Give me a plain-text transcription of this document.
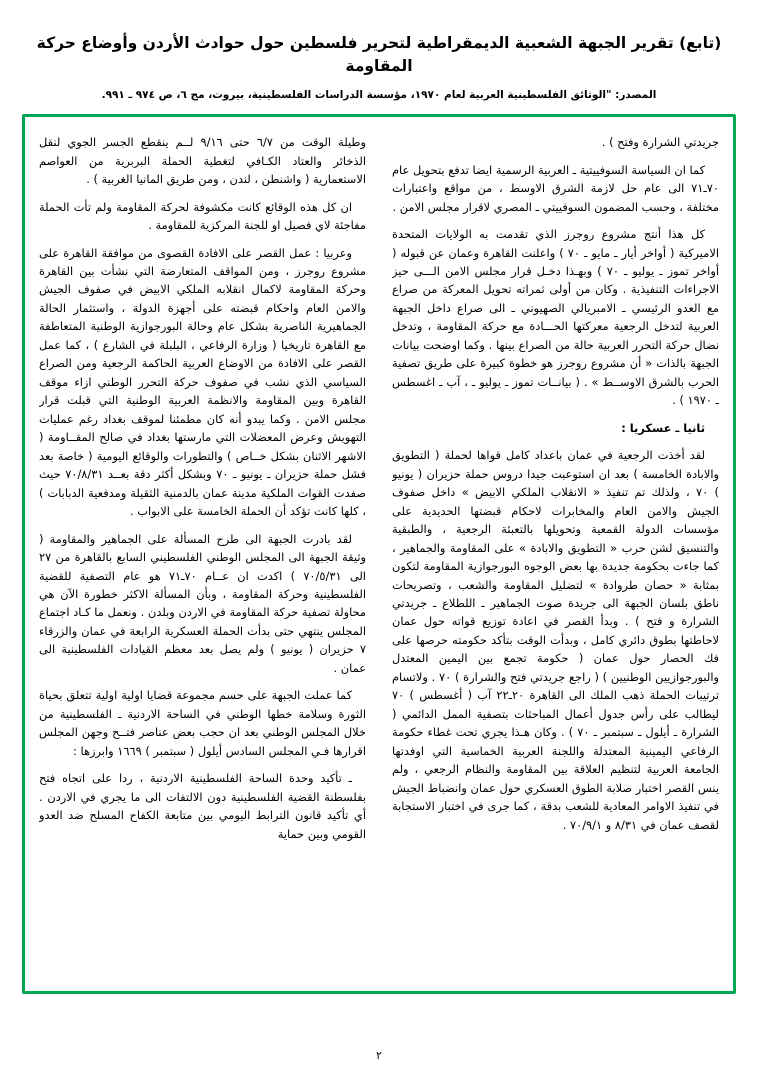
(تابع) تقرير الجبهة الشعبية الديمقراطية لتحرير فلسطين حول حوادث الأردن وأوضاع حركة المقاومة
المصدر: "الوثائق الفلسطينية العربية لعام ١٩٧٠، مؤسسة الدراسات الفلسطينية، بيروت، مج ٦، ص ٩٧٤ ـ ٩٩١.

جريدتي الشرارة وفتح ) .

كما ان السياسة السوفييتية ـ العربية الرسمية ايضا تدفع بتحويل عام ٧٠ـ٧١ الى عام حل لازمة الشرق الاوسط ، من مواقع واعتبارات مختلفة ، وحسب المضمون السوفييتي ـ المصري لاقرار مجلس الامن .

كل هذا أنتج مشروع روجرز الذي تقدمت به الولايات المتحدة الاميركية ( أواخر أيار ـ مايو ـ ٧٠ ) واعلنت القاهرة وعمان عن قبوله ( أواخر تموز ـ يوليو ـ ٧٠ ) وبهـذا دخـل قرار مجلس الامن الـــى حيز الاجراءات التنفيذية . وكان من أولى ثمراته تحويل المعركة من صراع مع العدو الرئيسي ـ الامبريالي الصهيوني ـ الى صراع داخل الجبهة العربية لتدخل الرجعية معركتها الحـــادة مع حركة المقاومة ، وتدخل نضال حركة التحرر العربية حالة من الصراع بينها . وكما اوضحت بيانات الجبهة بالذات « أن مشروع روجرز هو خطوة كبيرة على طريق تصفية الحرب بالشرق الاوســط » . ( بيانــات تموز ـ يوليو ـ ، آب ـ اغسطس ـ ١٩٧٠ ) .

ثانيا ـ عسكريا :

لقد أخذت الرجعية في عمان باعداد كامل قواها لحملة ( التطويق والابادة الخامسة ) بعد ان استوعبت جيدا دروس حملة حزيران ( يونيو ) ٧٠ ، ولذلك تم تنفيذ « الانقلاب الملكي الابيض » داخل صفوف الجيش والامن العام والمخابرات لاحكام قبضتها الحديدية على مؤسسات الدولة القمعية وتحويلها بالتعبئة الرجعية ، والطبقية والتنسيق لشن حرب « التطويق والابادة » على المقاومة والجماهير ، كما جاءت بحكومة جديدة بها بعض الوجوه البورجوازية المقاومة لتكون بمثابة « حصان طروادة » لتضليل المقاومة والشعب ، وتصريحات ناطق بلسان الجبهة الى جريدة صوت الجماهير ـ اللطلاع ـ جريدتي الشرارة و فتح ) . وبدأ القصر في اعادة توزيع قواته حول عمان لاحاطتها بطوق دائري كامل ، وبدأت الوقت بتأكد حكومته حرصها على فك الحصار حول عمان ( حكومة تجمع بين اليمين المعتدل والبورجوازيين الوطنيين ) ( راجع جريدتي فتح والشرارة ) ٧٠ . ولاتسام ترتيبات الحملة ذهب الملك الى القاهرة ٢٠ـ٢٢ آب ( أغسطس ) ٧٠ ليطالب على رأس جدول أعمال المباحثات بتصفية الممل الدائمي ( الشرارة ـ أيلول ـ سبتمبر ـ ٧٠ ) . وكان هـذا يجري تحت غطاء حكومة الرفاعي اليمينية المعتدلة واللجنة العربية الخماسية التي اوفدتها الجامعة العربية لتنظيم العلاقة بين المقاومة والنظام الرجعي ، ولم ينس القصر اختبار صلابة الطوق العسكري حول عمان وانضباط الجيش في تنفيذ الاوامر المعادية للشعب بدقة ، كما جرى في اختبار الاستجابة لقصف عمان في ٨/٣١ و ٧٠/٩/١ .

وطيلة الوقت من ٦/٧ حتى ٩/١٦ لــم ينقطع الجسر الجوي لنقل الذخائر والعتاد الكـافي لتغطية الحملة البربرية من العواصم الاستعمارية ( واشنطن ، لندن ، ومن طريق المانيا الغربية ) .

ان كل هذه الوقائع كانت مكشوفة لحركة المقاومة ولم تأت الحملة مفاجئة لاي فصيل او للجنة المركزية للمقاومة .

وعربيا : عمل القصر على الافادة القصوى من موافقة القاهرة على مشروع روجرز ، ومن المواقف المتعارضة التي نشأت بين القاهرة وحركة المقاومة لاكمال انقلابه الملكي الابيض في صفوف الجيش والامن العام واحكام قبضته على أجهزة الدولة ، واستثمار الحالة الجماهيرية الناصرية بشكل عام وحالة البورجوازية الوطنية المتعاطفة مع القاهرة تاريخيا ( وزارة الرفاعي ، البلبلة في الشارع ) ، كما عمل القصر على الافادة من الاوضاع العربية الحاكمة الرجعية ومن الصراع السياسي الذي نشب في صفوف حركة التحرر الوطني ازاء موقف القاهرة وبين المقاومة والانظمة العربية الوطنية التي قبلت قرار مجلس الامن . وكما يبدو أنه كان مطمئنا لموقف بغداد رغم عمليات التهويش وعرض المعضلات التي مارستها بغداد في صالح المقــاومة ( الاشهر الاثنان بشكل خــاص ) والتطورات والوقائع اليومية ( خاصة بعد فشل حملة حزيران ـ يونيو ـ ٧٠ وبشكل أكثر دقة بعــد ٧٠/٨/٣١ حيث صفدت القوات الملكية مدينة عمان بالدمنية الثقيلة ومدفعية الدبابات ) ، كلها كانت تؤكد أن الحملة الخامسة على الابواب .

لقد بادرت الجبهة الى طرح المسألة على الجماهير والمقاومة ( وثيقة الجبهة الى المجلس الوطني الفلسطيني السابع بالقاهرة من ٢٧ الى ٧٠/٥/٣١ ) اكدت ان عــام ٧٠ـ٧١ هو عام التصفية للقضية الفلسطينية وحركة المقاومة ، وبأن المسألة الاكثر خطورة الآن هي محاولة تصفية حركة المقاومة في الاردن وبلدن . ونعمل ما كـاد اجتماع المجلس ينتهي حتى بدأت الحملة العسكرية الرابعة في عمان والزرقاء ٧ حزيران ( يونيو ) ولم يصل بعد معظم القيادات الفلسطينية الى عمان .

كما عملت الجبهة على حسم مجموعة قضايا اولية اولية تتعلق بحياة الثورة وسلامة خطها الوطني في الساحة الاردنية ـ الفلسطينية من خلال المجلس الوطني بعد ان حجب بعض عناصر فتــح وجهن المجلس اقرارها فـي المجلس السادس أيلول ( سبتمبر ) ١٦٦٩ وابرزها :

ـ تأكيد وحدة الساحة الفلسطينية الاردنية ، ردا على اتجاه فتح بفلسطنة القضية الفلسطينية دون الالتفات الى ما يجري في الاردن . أي تأكيد قانون الترابط اليومي بين متابعة الكفاح المسلح ضد العدو القومي وبين حماية

٢
